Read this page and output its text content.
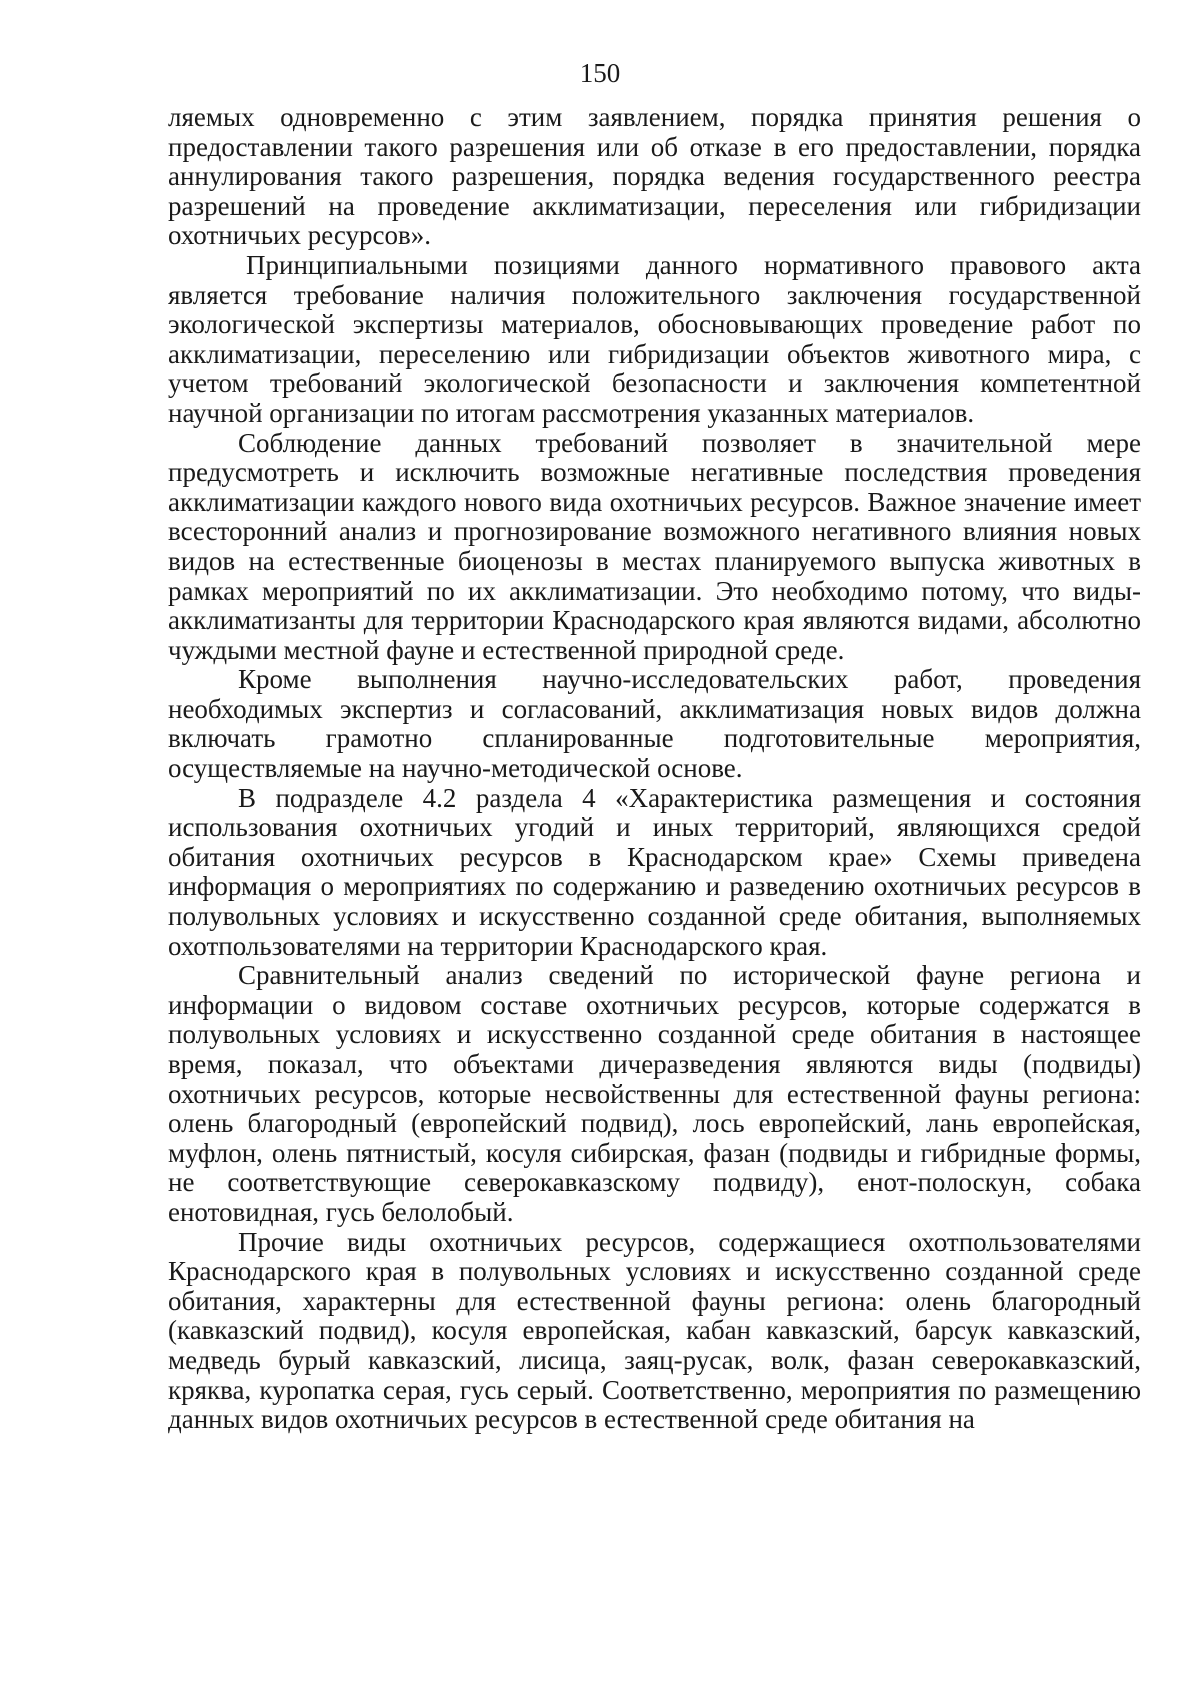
150

ляемых одновременно с этим заявлением, порядка принятия решения о предоставлении такого разрешения или об отказе в его предоставлении, порядка аннулирования такого разрешения, порядка ведения государственного реестра разрешений на проведение акклиматизации, переселения или гибридизации охотничьих ресурсов».

Принципиальными позициями данного нормативного правового акта является требование наличия положительного заключения государственной экологической экспертизы материалов, обосновывающих проведение работ по акклиматизации, переселению или гибридизации объектов животного мира, с учетом требований экологической безопасности и заключения компетентной научной организации по итогам рассмотрения указанных материалов.

Соблюдение данных требований позволяет в значительной мере предусмотреть и исключить возможные негативные последствия проведения акклиматизации каждого нового вида охотничьих ресурсов. Важное значение имеет всесторонний анализ и прогнозирование возможного негативного влияния новых видов на естественные биоценозы в местах планируемого выпуска животных в рамках мероприятий по их акклиматизации. Это необходимо потому, что виды-акклиматизанты для территории Краснодарского края являются видами, абсолютно чуждыми местной фауне и естественной природной среде.

Кроме выполнения научно-исследовательских работ, проведения необходимых экспертиз и согласований, акклиматизация новых видов должна включать грамотно спланированные подготовительные мероприятия, осуществляемые на научно-методической основе.

В подразделе 4.2 раздела 4 «Характеристика размещения и состояния использования охотничьих угодий и иных территорий, являющихся средой обитания охотничьих ресурсов в Краснодарском крае» Схемы приведена информация о мероприятиях по содержанию и разведению охотничьих ресурсов в полувольных условиях и искусственно созданной среде обитания, выполняемых охотпользователями на территории Краснодарского края.

Сравнительный анализ сведений по исторической фауне региона и информации о видовом составе охотничьих ресурсов, которые содержатся в полувольных условиях и искусственно созданной среде обитания в настоящее время, показал, что объектами дичеразведения являются виды (подвиды) охотничьих ресурсов, которые несвойственны для естественной фауны региона: олень благородный (европейский подвид), лось европейский, лань европейская, муфлон, олень пятнистый, косуля сибирская, фазан (подвиды и гибридные формы, не соответствующие северокавказскому подвиду), енот-полоскун, собака енотовидная, гусь белолобый.

Прочие виды охотничьих ресурсов, содержащиеся охотпользователями Краснодарского края в полувольных условиях и искусственно созданной среде обитания, характерны для естественной фауны региона: олень благородный (кавказский подвид), косуля европейская, кабан кавказский, барсук кавказский, медведь бурый кавказский, лисица, заяц-русак, волк, фазан северокавказский, кряква, куропатка серая, гусь серый. Соответственно, мероприятия по размещению данных видов охотничьих ресурсов в естественной среде обитания на
